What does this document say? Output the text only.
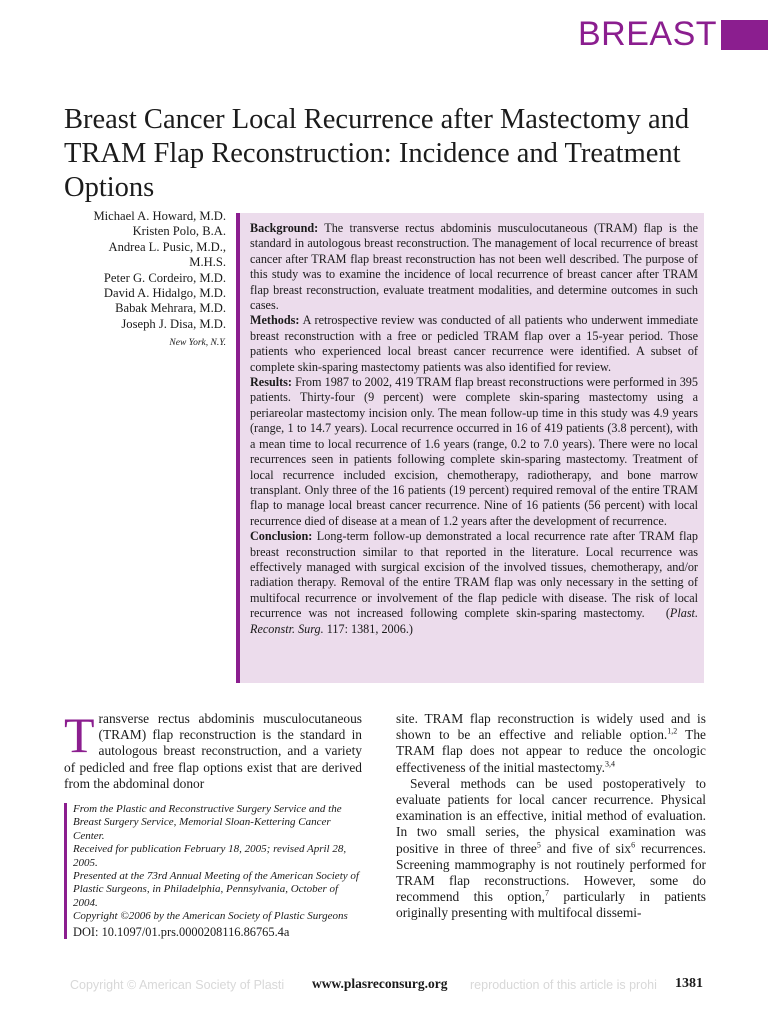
BREAST
Breast Cancer Local Recurrence after Mastectomy and TRAM Flap Reconstruction: Incidence and Treatment Options
Michael A. Howard, M.D.
Kristen Polo, B.A.
Andrea L. Pusic, M.D.,
M.H.S.
Peter G. Cordeiro, M.D.
David A. Hidalgo, M.D.
Babak Mehrara, M.D.
Joseph J. Disa, M.D.
New York, N.Y.

Background: The transverse rectus abdominis musculocutaneous (TRAM) flap is the standard in autologous breast reconstruction. The management of local recurrence of breast cancer after TRAM flap breast reconstruction has not been well described. The purpose of this study was to examine the incidence of local recurrence of breast cancer after TRAM flap breast reconstruction, evaluate treatment modalities, and determine outcomes in such cases.

Methods: A retrospective review was conducted of all patients who underwent immediate breast reconstruction with a free or pedicled TRAM flap over a 15-year period. Those patients who experienced local breast cancer recurrence were identified. A subset of complete skin-sparing mastectomy patients was also identified for review.

Results: From 1987 to 2002, 419 TRAM flap breast reconstructions were performed in 395 patients. Thirty-four (9 percent) were complete skin-sparing mastectomy using a periareolar mastectomy incision only. The mean follow-up time in this study was 4.9 years (range, 1 to 14.7 years). Local recurrence occurred in 16 of 419 patients (3.8 percent), with a mean time to local recurrence of 1.6 years (range, 0.2 to 7.0 years). There were no local recurrences seen in patients following complete skin-sparing mastectomy. Treatment of local recurrence included excision, chemotherapy, radiotherapy, and bone marrow transplant. Only three of the 16 patients (19 percent) required removal of the entire TRAM flap to manage local breast cancer recurrence. Nine of 16 patients (56 percent) with local recurrence died of disease at a mean of 1.2 years after the development of recurrence.

Conclusion: Long-term follow-up demonstrated a local recurrence rate after TRAM flap breast reconstruction similar to that reported in the literature. Local recurrence was effectively managed with surgical excision of the involved tissues, chemotherapy, and/or radiation therapy. Removal of the entire TRAM flap was only necessary in the setting of multifocal recurrence or involvement of the flap pedicle with disease. The risk of local recurrence was not increased following complete skin-sparing mastectomy. (Plast. Reconstr. Surg. 117: 1381, 2006.)

Transverse rectus abdominis musculocutaneous (TRAM) flap reconstruction is the standard in autologous breast reconstruction, and a variety of pedicled and free flap options exist that are derived from the abdominal donor

From the Plastic and Reconstructive Surgery Service and the Breast Surgery Service, Memorial Sloan-Kettering Cancer Center.

Received for publication February 18, 2005; revised April 28, 2005.

Presented at the 73rd Annual Meeting of the American Society of Plastic Surgeons, in Philadelphia, Pennsylvania, October of 2004.

Copyright ©2006 by the American Society of Plastic Surgeons

DOI: 10.1097/01.prs.0000208116.86765.4a

site. TRAM flap reconstruction is widely used and is shown to be an effective and reliable option.$^{1,2}$ The TRAM flap does not appear to reduce the oncologic effectiveness of the initial mastectomy.$^{3,4}$

Several methods can be used postoperatively to evaluate patients for local cancer recurrence. Physical examination is an effective, initial method of evaluation. In two small series, the physical examination was positive in three of three$^5$ and five of six$^6$ recurrences. Screening mammography is not routinely performed for TRAM flap reconstructions. However, some do recommend this option,$^7$ particularly in patients originally presenting with multifocal dissemi-

Copyright © American Society of Plasti	reproduction of this article is prohi
www.plasreconsurg.org	1381
